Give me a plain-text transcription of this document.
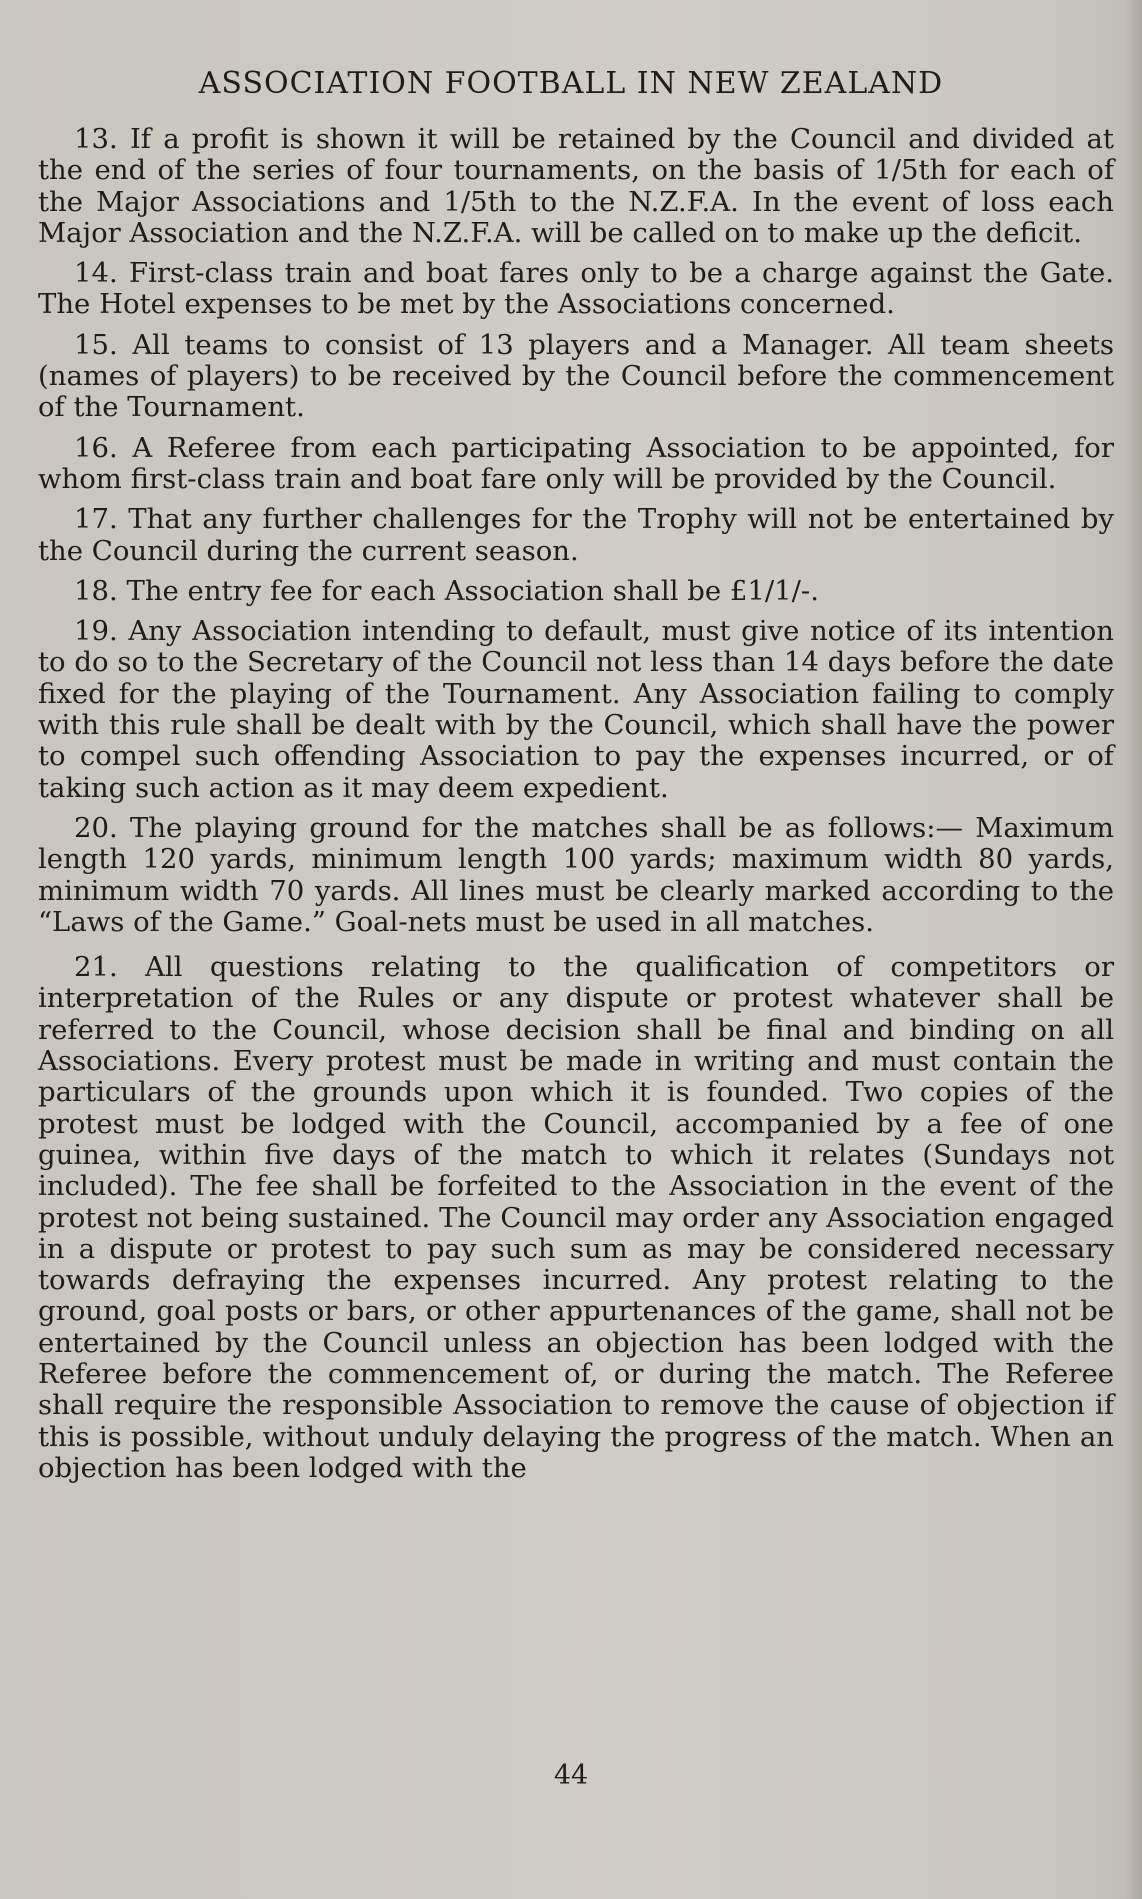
ASSOCIATION FOOTBALL IN NEW ZEALAND

13. If a profit is shown it will be retained by the Council and divided at the end of the series of four tournaments, on the basis of 1/5th for each of the Major Associations and 1/5th to the N.Z.F.A. In the event of loss each Major Association and the N.Z.F.A. will be called on to make up the deficit.

14. First-class train and boat fares only to be a charge against the Gate. The Hotel expenses to be met by the Associations concerned.

15. All teams to consist of 13 players and a Manager. All team sheets (names of players) to be received by the Council before the commencement of the Tournament.

16. A Referee from each participating Association to be appointed, for whom first-class train and boat fare only will be provided by the Council.

17. That any further challenges for the Trophy will not be entertained by the Council during the current season.

18. The entry fee for each Association shall be £1/1/-.

19. Any Association intending to default, must give notice of its intention to do so to the Secretary of the Council not less than 14 days before the date fixed for the playing of the Tournament. Any Association failing to comply with this rule shall be dealt with by the Council, which shall have the power to compel such offending Association to pay the expenses incurred, or of taking such action as it may deem expedient.

20. The playing ground for the matches shall be as follows:— Maximum length 120 yards, minimum length 100 yards; maximum width 80 yards, minimum width 70 yards. All lines must be clearly marked according to the “Laws of the Game.” Goal-nets must be used in all matches.

21. All questions relating to the qualification of competitors or interpretation of the Rules or any dispute or protest whatever shall be referred to the Council, whose decision shall be final and binding on all Associations. Every protest must be made in writing and must contain the particulars of the grounds upon which it is founded. Two copies of the protest must be lodged with the Council, accompanied by a fee of one guinea, within five days of the match to which it relates (Sundays not included). The fee shall be forfeited to the Association in the event of the protest not being sustained. The Council may order any Association engaged in a dispute or protest to pay such sum as may be considered necessary towards defraying the expenses incurred. Any protest relating to the ground, goal posts or bars, or other appurtenances of the game, shall not be entertained by the Council unless an objection has been lodged with the Referee before the commencement of, or during the match. The Referee shall require the responsible Association to remove the cause of objection if this is possible, without unduly delaying the progress of the match. When an objection has been lodged with the

44
